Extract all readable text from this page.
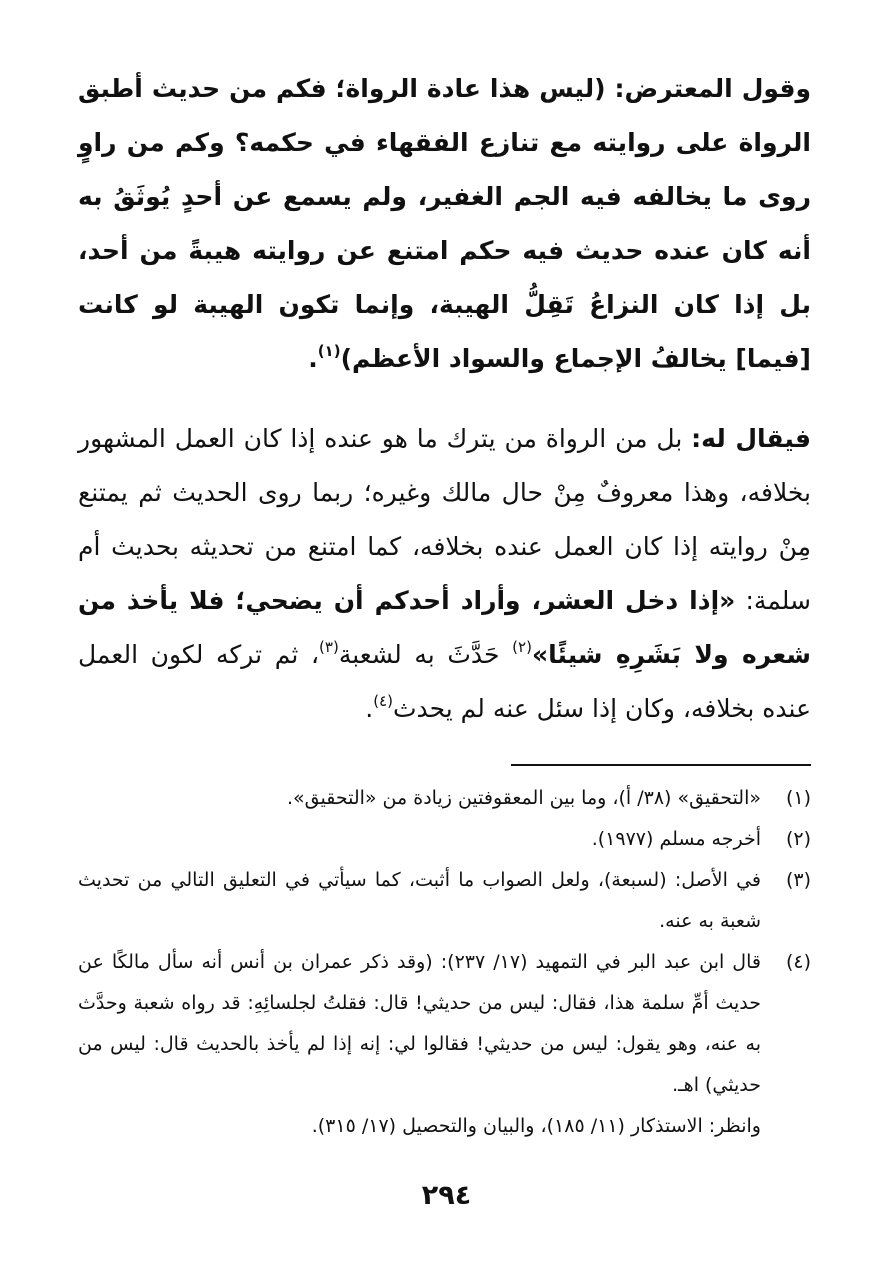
وقول المعترض: (ليس هذا عادة الرواة؛ فكم من حديث أطبق الرواة على روايته مع تنازع الفقهاء في حكمه؟ وكم من راوٍ روى ما يخالفه فيه الجم الغفير، ولم يسمع عن أحدٍ يُوثَقُ به أنه كان عنده حديث فيه حكم امتنع عن روايته هيبةً من أحد، بل إذا كان النزاعُ تَقِلُّ الهيبة، وإنما تكون الهيبة لو كانت [فيما] يخالفُ الإجماع والسواد الأعظم)$^{(١)}$.

فيقال له: بل من الرواة من يترك ما هو عنده إذا كان العمل المشهور بخلافه، وهذا معروفٌ مِنْ حال مالك وغيره؛ ربما روى الحديث ثم يمتنع مِنْ روايته إذا كان العمل عنده بخلافه، كما امتنع من تحديثه بحديث أم سلمة: «إذا دخل العشر، وأراد أحدكم أن يضحي؛ فلا يأخذ من شعره ولا بَشَرِهِ شيئًا»$^{(٢)}$ حَدَّثَ به لشعبة$^{(٣)}$، ثم تركه لكون العمل عنده بخلافه، وكان إذا سئل عنه لم يحدث$^{(٤)}$.

(١)
«التحقيق» (٣٨/ أ)، وما بين المعقوفتين زيادة من «التحقيق».
(٢)
أخرجه مسلم (١٩٧٧).
(٣)
في الأصل: (لسبعة)، ولعل الصواب ما أثبت، كما سيأتي في التعليق التالي من تحديث شعبة به عنه.
(٤)
قال ابن عبد البر في التمهيد (١٧/ ٢٣٧): (وقد ذكر عمران بن أنس أنه سأل مالكًا عن حديث أمِّ سلمة هذا، فقال: ليس من حديثي! قال: فقلتُ لجلسائِهِ: قد رواه شعبة وحدَّث به عنه، وهو يقول: ليس من حديثي! فقالوا لي: إنه إذا لم يأخذ بالحديث قال: ليس من حديثي) اهـ.
وانظر: الاستذكار (١١/ ١٨٥)، والبيان والتحصيل (١٧/ ٣١٥).
٢٩٤
